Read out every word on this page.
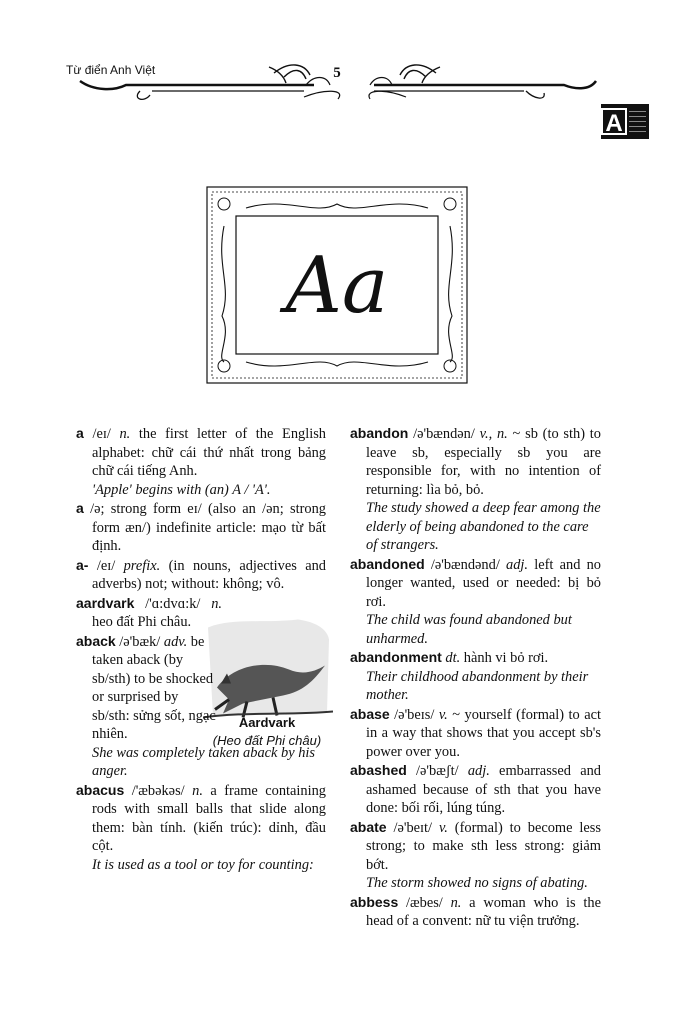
Từ điển Anh Việt	5
A
Aa
Aardvark
(Heo đất Phi châu)

a /eɪ/ n. the first letter of the English alphabet: chữ cái thứ nhất trong bảng chữ cái tiếng Anh.

'Apple' begins with (an) A / 'A'.

a /ə; strong form eɪ/ (also an /ən; strong form æn/) indefinite article: mạo từ bất định.

a- /eɪ/ prefix. (in nouns, adjectives and adverbs) not; without: không; vô.

aardvark /'ɑ:dvɑ:k/ n. heo đất Phi châu.

aback /ə'bæk/ adv. be taken aback (by sb/sth) to be shocked or surprised by sb/sth: sửng sốt, ngạc nhiên.

She was completely taken aback by his anger.

abacus /'æbəkəs/ n. a frame containing rods with small balls that slide along them: bàn tính. (kiến trúc): dỉnh, đầu cột.

It is used as a tool or toy for counting:

abandon /ə'bændən/ v., n. ~ sb (to sth) to leave sb, especially sb you are responsible for, with no intention of returning: lìa bỏ, bỏ.

The study showed a deep fear among the elderly of being abandoned to the care of strangers.

abandoned /ə'bændənd/ adj. left and no longer wanted, used or needed: bị bỏ rơi.

The child was found abandoned but unharmed.

abandonment dt. hành vi bỏ rơi.

Their childhood abandonment by their mother.

abase /ə'beɪs/ v. ~ yourself (formal) to act in a way that shows that you accept sb's power over you.

abashed /ə'bæʃt/ adj. embarrassed and ashamed because of sth that you have done: bối rối, lúng túng.

abate /ə'beɪt/ v. (formal) to become less strong; to make sth less strong: giảm bớt.

The storm showed no signs of abating.

abbess /æbes/ n. a woman who is the head of a convent: nữ tu viện trưởng.
